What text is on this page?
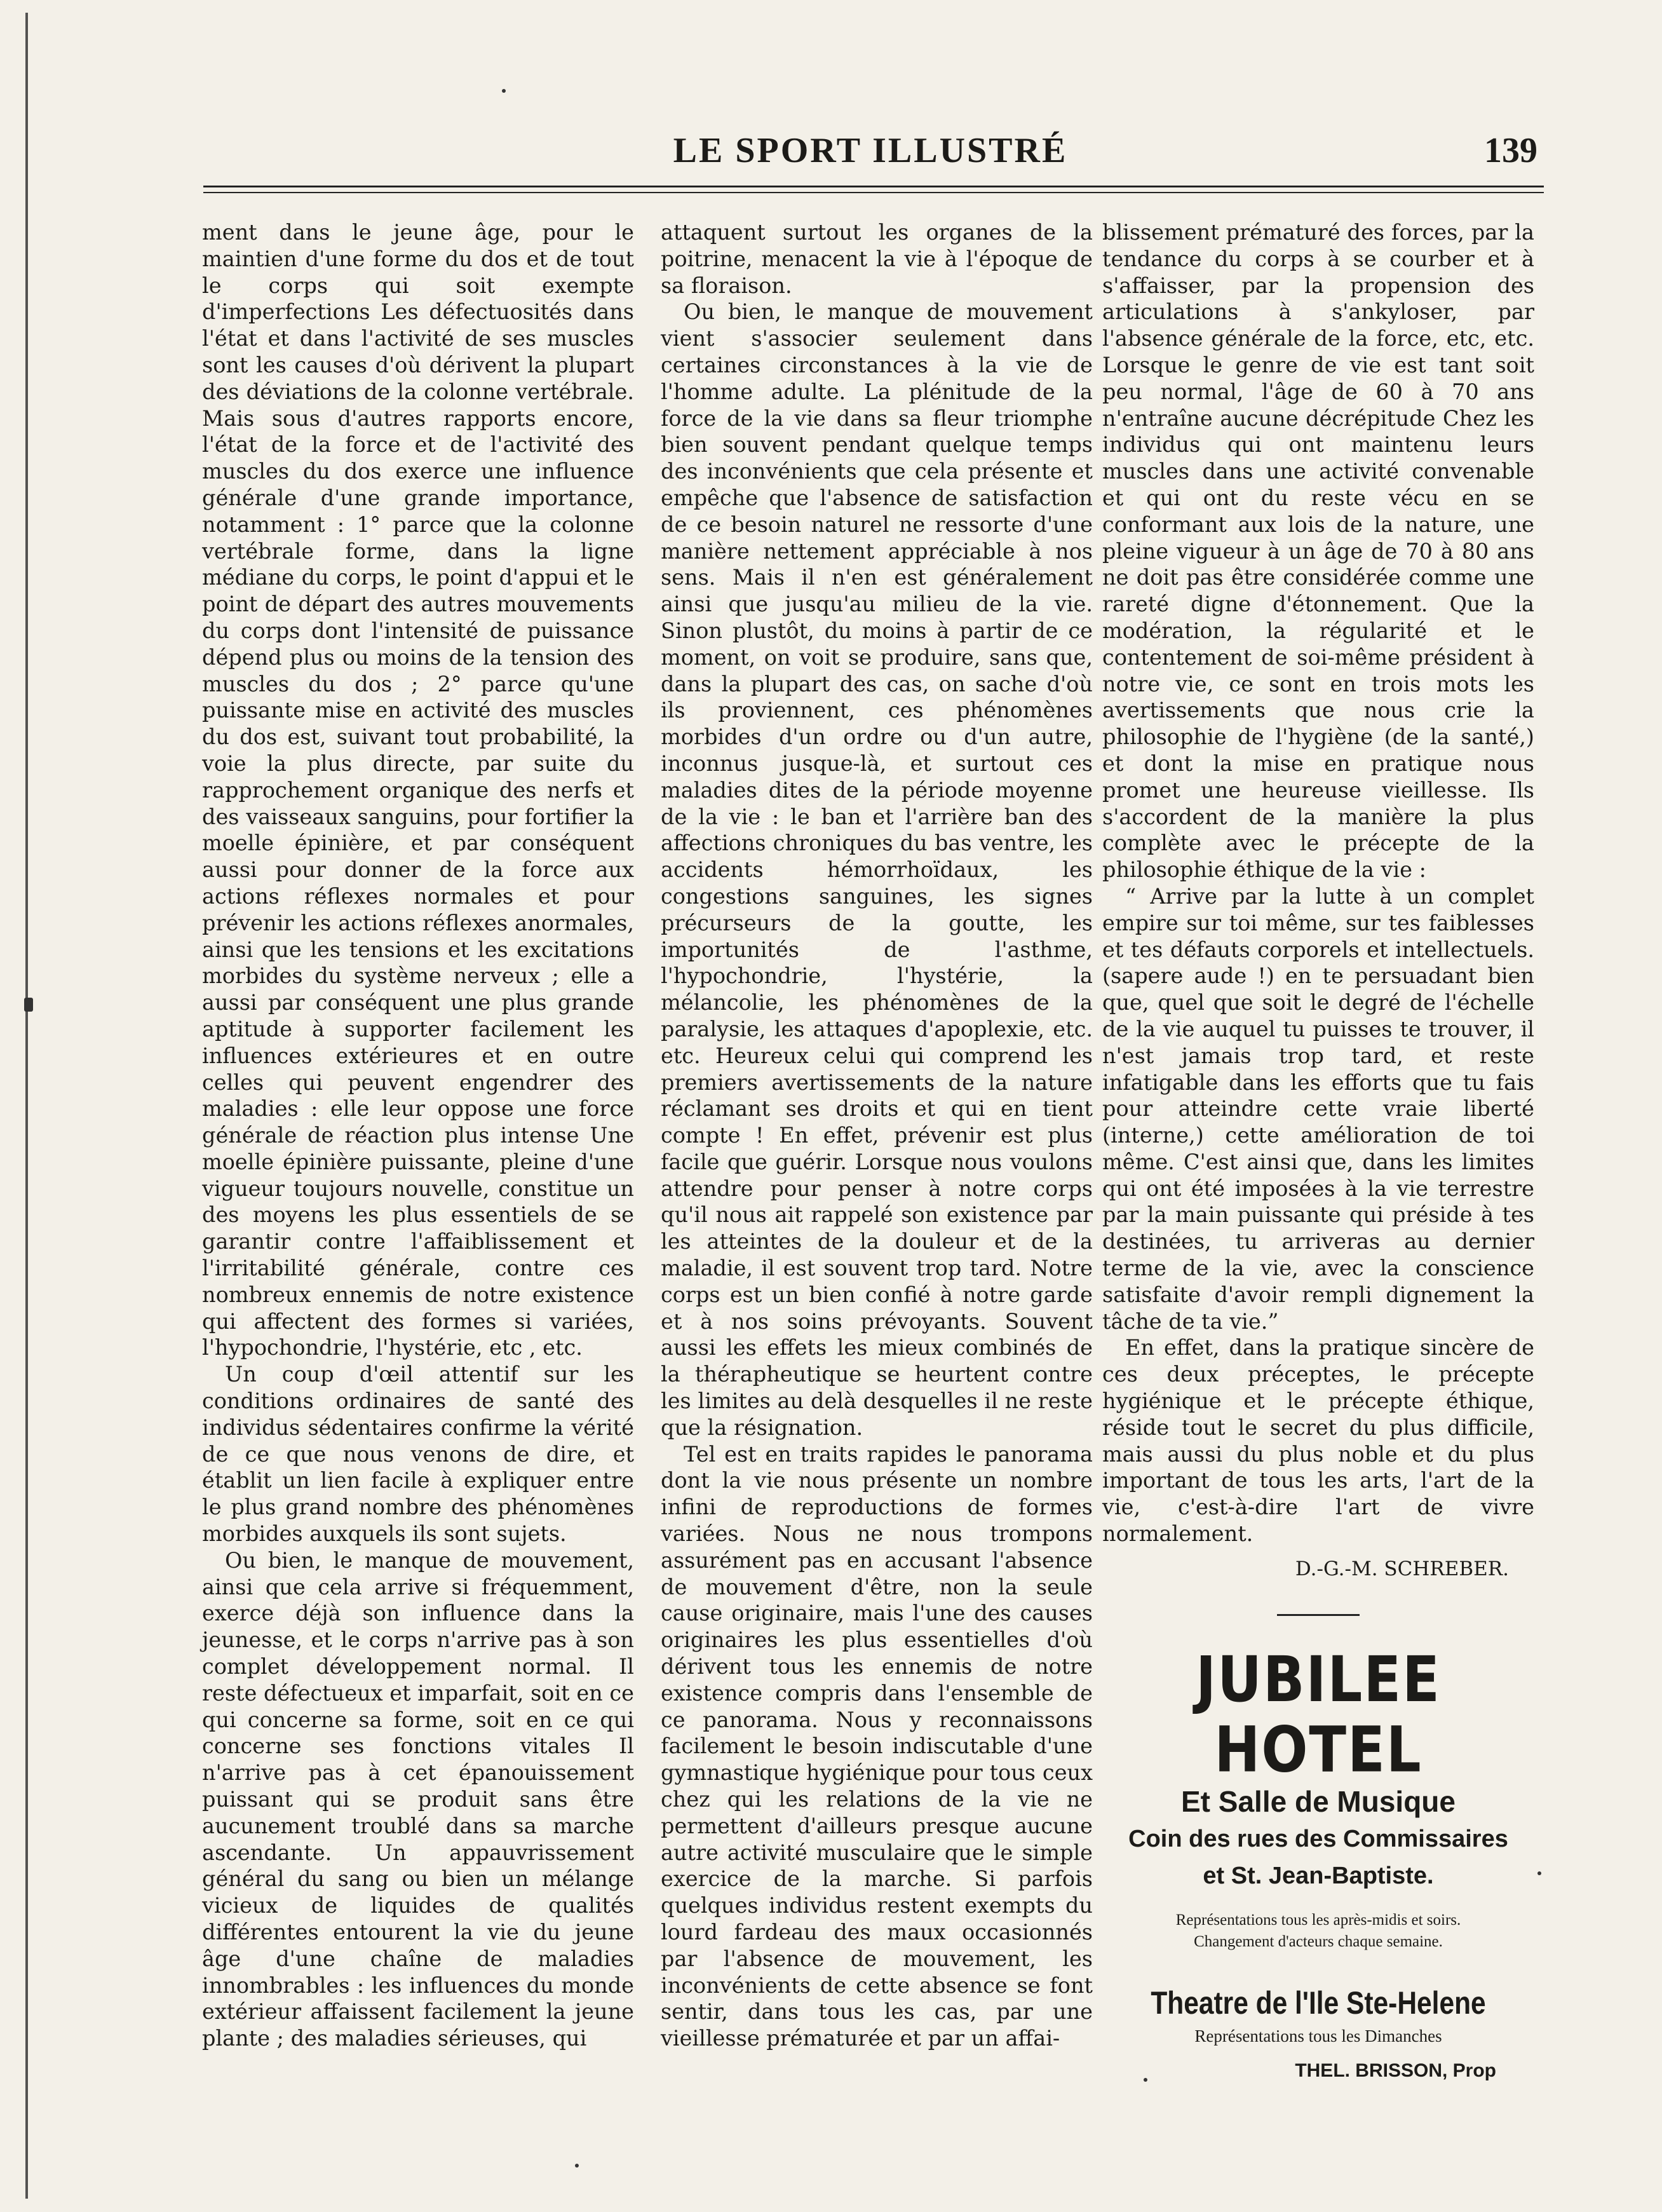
LE SPORT ILLUSTRÉ	139

ment dans le jeune âge, pour le maintien d'une forme du dos et de tout le corps qui soit exempte d'imperfections Les défectuosités dans l'état et dans l'activité de ses muscles sont les causes d'où dérivent la plupart des déviations de la colonne vertébrale. Mais sous d'autres rapports encore, l'état de la force et de l'activité des muscles du dos exerce une influence générale d'une grande importance, notamment : 1° parce que la colonne vertébrale forme, dans la ligne médiane du corps, le point d'appui et le point de départ des autres mouvements du corps dont l'intensité de puissance dépend plus ou moins de la tension des muscles du dos ; 2° parce qu'une puissante mise en activité des muscles du dos est, suivant tout probabilité, la voie la plus directe, par suite du rapprochement organique des nerfs et des vaisseaux sanguins, pour fortifier la moelle épinière, et par conséquent aussi pour donner de la force aux actions réflexes normales et pour prévenir les actions réflexes anormales, ainsi que les tensions et les excitations morbides du système nerveux ; elle a aussi par conséquent une plus grande aptitude à supporter facilement les influences extérieures et en outre celles qui peuvent engendrer des maladies : elle leur oppose une force générale de réaction plus intense Une moelle épinière puissante, pleine d'une vigueur toujours nouvelle, constitue un des moyens les plus essentiels de se garantir contre l'affaiblissement et l'irritabilité générale, contre ces nombreux ennemis de notre existence qui affectent des formes si variées, l'hypochondrie, l'hystérie, etc , etc.

Un coup d'œil attentif sur les conditions ordinaires de santé des individus sédentaires confirme la vérité de ce que nous venons de dire, et établit un lien facile à expliquer entre le plus grand nombre des phénomènes morbides auxquels ils sont sujets.

Ou bien, le manque de mouvement, ainsi que cela arrive si fréquemment, exerce déjà son influence dans la jeunesse, et le corps n'arrive pas à son complet développement normal. Il reste défectueux et imparfait, soit en ce qui concerne sa forme, soit en ce qui concerne ses fonctions vitales Il n'arrive pas à cet épanouissement puissant qui se produit sans être aucunement troublé dans sa marche ascendante. Un appauvrissement général du sang ou bien un mélange vicieux de liquides de qualités différentes entourent la vie du jeune âge d'une chaîne de maladies innombrables : les influences du monde extérieur affaissent facilement la jeune plante ; des maladies sérieuses, qui

attaquent surtout les organes de la poitrine, menacent la vie à l'époque de sa floraison.

Ou bien, le manque de mouvement vient s'associer seulement dans certaines circonstances à la vie de l'homme adulte. La plénitude de la force de la vie dans sa fleur triomphe bien souvent pendant quelque temps des inconvénients que cela présente et empêche que l'absence de satisfaction de ce besoin naturel ne ressorte d'une manière nettement appréciable à nos sens. Mais il n'en est généralement ainsi que jusqu'au milieu de la vie. Sinon plustôt, du moins à partir de ce moment, on voit se produire, sans que, dans la plupart des cas, on sache d'où ils proviennent, ces phénomènes morbides d'un ordre ou d'un autre, inconnus jusque-là, et surtout ces maladies dites de la période moyenne de la vie : le ban et l'arrière ban des affections chroniques du bas ventre, les accidents hémorrhoïdaux, les congestions sanguines, les signes précurseurs de la goutte, les importunités de l'asthme, l'hypochondrie, l'hystérie, la mélancolie, les phénomènes de la paralysie, les attaques d'apoplexie, etc. etc. Heureux celui qui comprend les premiers avertissements de la nature réclamant ses droits et qui en tient compte ! En effet, prévenir est plus facile que guérir. Lorsque nous voulons attendre pour penser à notre corps qu'il nous ait rappelé son existence par les atteintes de la douleur et de la maladie, il est souvent trop tard. Notre corps est un bien confié à notre garde et à nos soins prévoyants. Souvent aussi les effets les mieux combinés de la thérapheutique se heurtent contre les limites au delà desquelles il ne reste que la résignation.

Tel est en traits rapides le panorama dont la vie nous présente un nombre infini de reproductions de formes variées. Nous ne nous trompons assurément pas en accusant l'absence de mouvement d'être, non la seule cause originaire, mais l'une des causes originaires les plus essentielles d'où dérivent tous les ennemis de notre existence compris dans l'ensemble de ce panorama. Nous y reconnaissons facilement le besoin indiscutable d'une gymnastique hygiénique pour tous ceux chez qui les relations de la vie ne permettent d'ailleurs presque aucune autre activité musculaire que le simple exercice de la marche. Si parfois quelques individus restent exempts du lourd fardeau des maux occasionnés par l'absence de mouvement, les inconvénients de cette absence se font sentir, dans tous les cas, par une vieillesse prématurée et par un affai-

blissement prématuré des forces, par la tendance du corps à se courber et à s'affaisser, par la propension des articulations à s'ankyloser, par l'absence générale de la force, etc, etc. Lorsque le genre de vie est tant soit peu normal, l'âge de 60 à 70 ans n'entraîne aucune décrépitude Chez les individus qui ont maintenu leurs muscles dans une activité convenable et qui ont du reste vécu en se conformant aux lois de la nature, une pleine vigueur à un âge de 70 à 80 ans ne doit pas être considérée comme une rareté digne d'étonnement. Que la modération, la régularité et le contentement de soi-même président à notre vie, ce sont en trois mots les avertissements que nous crie la philosophie de l'hygiène (de la santé,) et dont la mise en pratique nous promet une heureuse vieillesse. Ils s'accordent de la manière la plus complète avec le précepte de la philosophie éthique de la vie :

“ Arrive par la lutte à un complet empire sur toi même, sur tes faiblesses et tes défauts corporels et intellectuels. (sapere aude !) en te persuadant bien que, quel que soit le degré de l'échelle de la vie auquel tu puisses te trouver, il n'est jamais trop tard, et reste infatigable dans les efforts que tu fais pour atteindre cette vraie liberté (interne,) cette amélioration de toi même. C'est ainsi que, dans les limites qui ont été imposées à la vie terrestre par la main puissante qui préside à tes destinées, tu arriveras au dernier terme de la vie, avec la conscience satisfaite d'avoir rempli dignement la tâche de ta vie.”

En effet, dans la pratique sincère de ces deux préceptes, le précepte hygiénique et le précepte éthique, réside tout le secret du plus difficile, mais aussi du plus noble et du plus important de tous les arts, l'art de la vie, c'est-à-dire l'art de vivre normalement.

D.-G.-M. SCHREBER.
JUBILEE HOTEL
Et Salle de Musique
Coin des rues des Commissaires
et St. Jean-Baptiste.
Représentations tous les après-midis et soirs.
Changement d'acteurs chaque semaine.
Theatre de l'Ile Ste-Helene
Représentations tous les Dimanches
THEL. BRISSON, Prop
